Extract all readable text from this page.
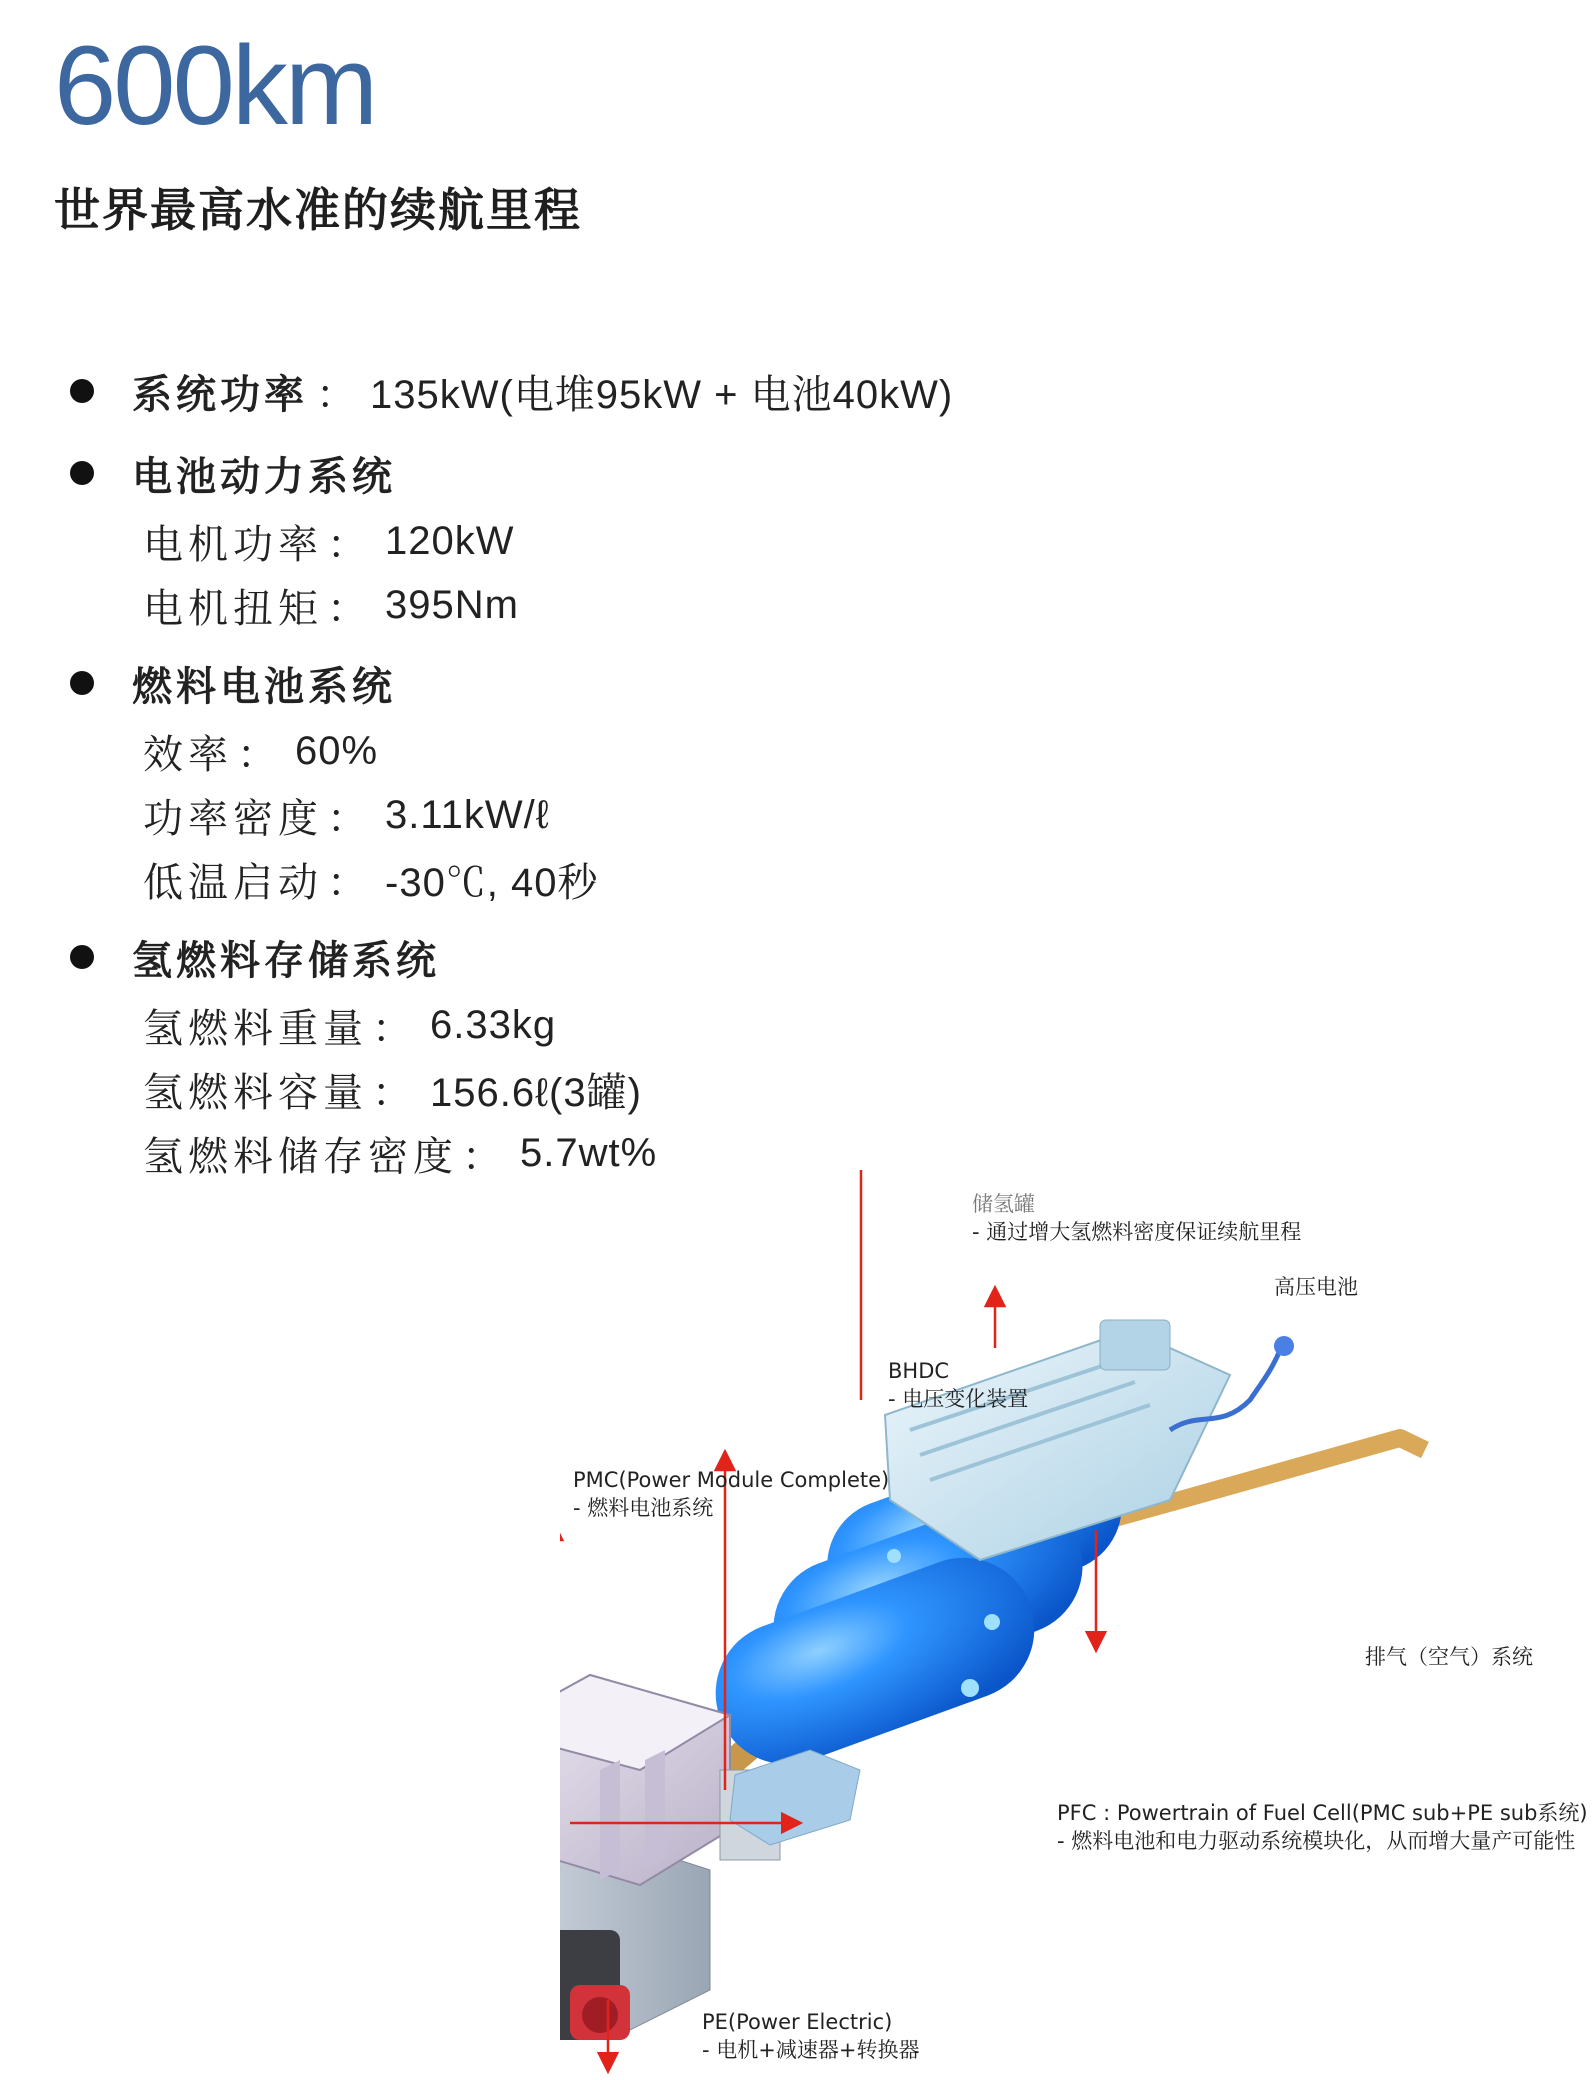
600km
世界最高水准的续航里程
系统功率 ： 135kW(电堆95kW + 电池40kW)
电池动力系统
电机功率 ： 120kW
电机扭矩 ： 395Nm
燃料电池系统
效率 ： 60%
功率密度 ： 3.11kW/ℓ
低温启动 ： -30℃, 40秒
氢燃料存储系统
氢燃料重量 ： 6.33kg
氢燃料容量 ： 156.6ℓ(3罐)
氢燃料储存密度 ： 5.7wt%
储氢罐
- 通过增大氢燃料密度保证续航里程
高压电池
BHDC
- 电压变化装置
PMC(Power Module Complete)
- 燃料电池系统
排气（空气）系统
PFC : Powertrain of Fuel Cell(PMC sub+PE sub系统)
- 燃料电池和电力驱动系统模块化，从而增大量产可能性
PE(Power Electric)
- 电机+减速器+转换器
